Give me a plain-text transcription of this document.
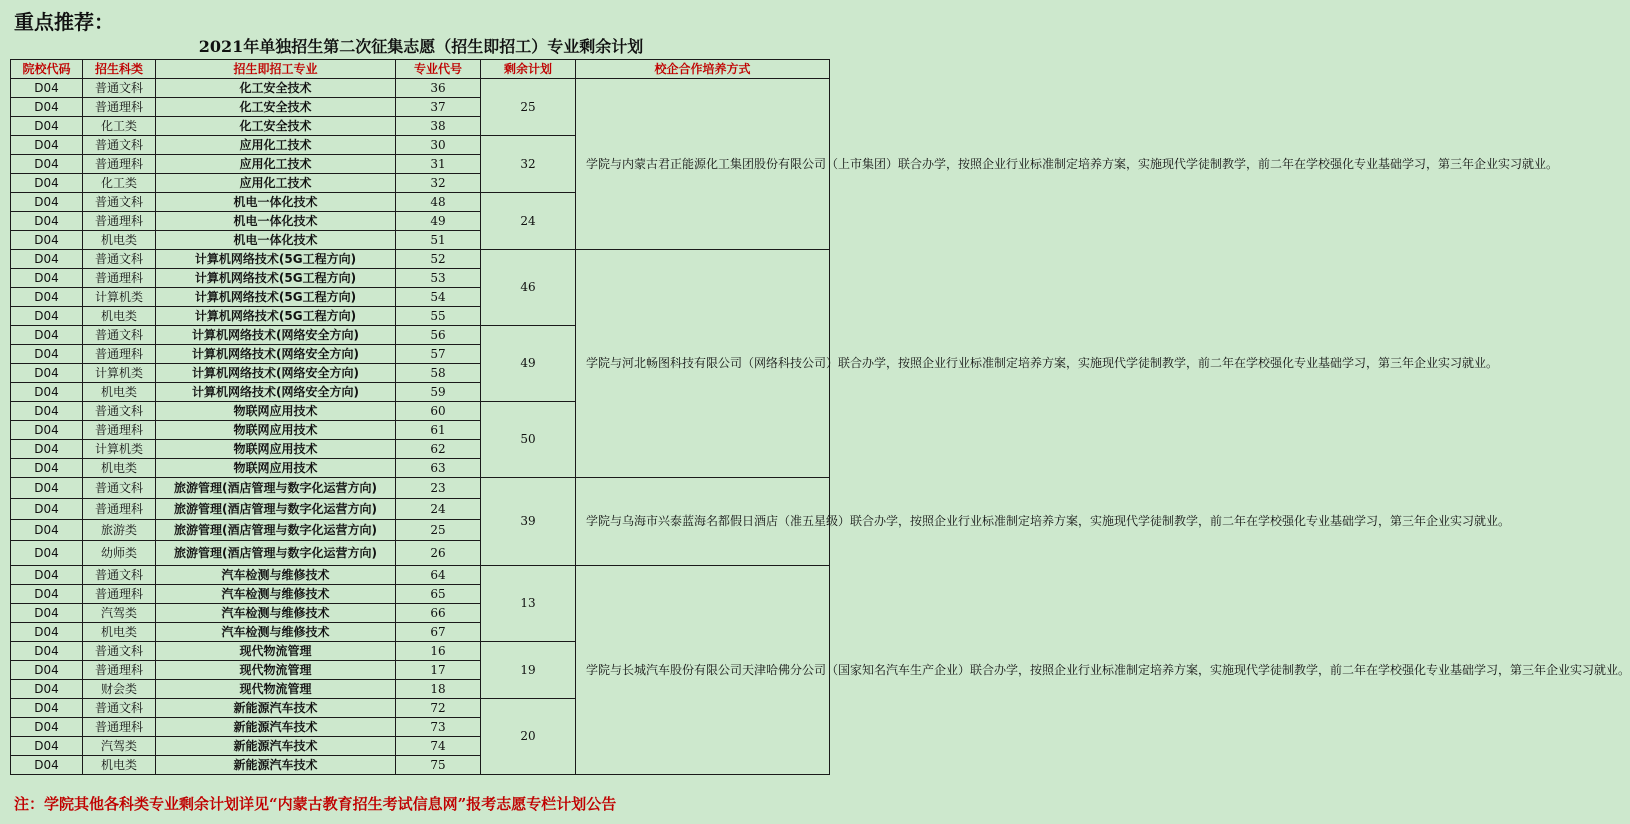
重点推荐：
2021年单独招生第二次征集志愿（招生即招工）专业剩余计划
院校代码	招生科类	招生即招工专业	专业代号	剩余计划	校企合作培养方式
D04	普通文科	化工安全技术	36	25	学院与内蒙古君正能源化工集团股份有限公司（上市集团）联合办学，按照企业行业标准制定培养方案，实施现代学徒制教学，前二年在学校强化专业基础学习，第三年企业实习就业。
D04	普通理科	化工安全技术	37		
D04	化工类	化工安全技术	38		
D04	普通文科	应用化工技术	30	32	
D04	普通理科	应用化工技术	31		
D04	化工类	应用化工技术	32		
D04	普通文科	机电一体化技术	48	24	
D04	普通理科	机电一体化技术	49		
D04	机电类	机电一体化技术	51		
D04	普通文科	计算机网络技术(5G工程方向)	52	46	学院与河北畅图科技有限公司（网络科技公司）联合办学，按照企业行业标准制定培养方案，实施现代学徒制教学，前二年在学校强化专业基础学习，第三年企业实习就业。
D04	普通理科	计算机网络技术(5G工程方向)	53		
D04	计算机类	计算机网络技术(5G工程方向)	54		
D04	机电类	计算机网络技术(5G工程方向)	55		
D04	普通文科	计算机网络技术(网络安全方向)	56	49	
D04	普通理科	计算机网络技术(网络安全方向)	57		
D04	计算机类	计算机网络技术(网络安全方向)	58		
D04	机电类	计算机网络技术(网络安全方向)	59		
D04	普通文科	物联网应用技术	60	50	
D04	普通理科	物联网应用技术	61		
D04	计算机类	物联网应用技术	62		
D04	机电类	物联网应用技术	63		
D04	普通文科	旅游管理(酒店管理与数字化运营方向)	23	39	学院与乌海市兴泰蓝海名都假日酒店（准五星级）联合办学，按照企业行业标准制定培养方案，实施现代学徒制教学，前二年在学校强化专业基础学习，第三年企业实习就业。
D04	普通理科	旅游管理(酒店管理与数字化运营方向)	24		
D04	旅游类	旅游管理(酒店管理与数字化运营方向)	25		
D04	幼师类	旅游管理(酒店管理与数字化运营方向)	26		
D04	普通文科	汽车检测与维修技术	64	13	学院与长城汽车股份有限公司天津哈佛分公司（国家知名汽车生产企业）联合办学，按照企业行业标准制定培养方案，实施现代学徒制教学，前二年在学校强化专业基础学习，第三年企业实习就业。
D04	普通理科	汽车检测与维修技术	65		
D04	汽驾类	汽车检测与维修技术	66		
D04	机电类	汽车检测与维修技术	67		
D04	普通文科	现代物流管理	16	19	
D04	普通理科	现代物流管理	17		
D04	财会类	现代物流管理	18		
D04	普通文科	新能源汽车技术	72	20	
D04	普通理科	新能源汽车技术	73		
D04	汽驾类	新能源汽车技术	74		
D04	机电类	新能源汽车技术	75		
注：学院其他各科类专业剩余计划详见“内蒙古教育招生考试信息网”报考志愿专栏计划公告
